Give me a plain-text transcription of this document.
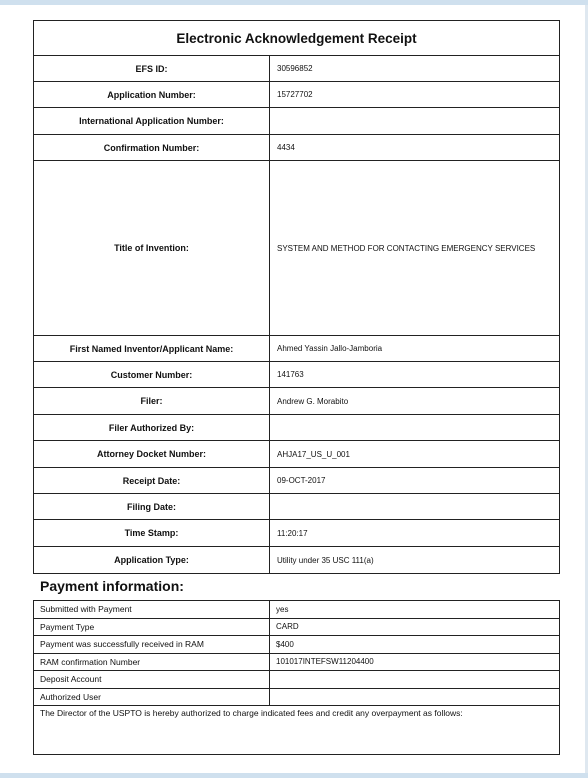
Electronic Acknowledgement Receipt	
EFS ID:	30596852
Application Number:	15727702
International Application Number:	
Confirmation Number:	4434
Title of Invention:	SYSTEM AND METHOD FOR CONTACTING EMERGENCY SERVICES
First Named Inventor/Applicant Name:	Ahmed Yassin Jallo-Jamboria
Customer Number:	141763
Filer:	Andrew G. Morabito
Filer Authorized By:	
Attorney Docket Number:	AHJA17_US_U_001
Receipt Date:	09-OCT-2017
Filing Date:	
Time Stamp:	11:20:17
Application Type:	Utility under 35 USC 111(a)
Payment information:
Submitted with Payment	yes
Payment Type	CARD
Payment was successfully received in RAM	$400
RAM confirmation Number	101017INTEFSW11204400
Deposit Account	
Authorized User	
The Director of the USPTO is hereby authorized to charge indicated fees and credit any overpayment as follows:	
